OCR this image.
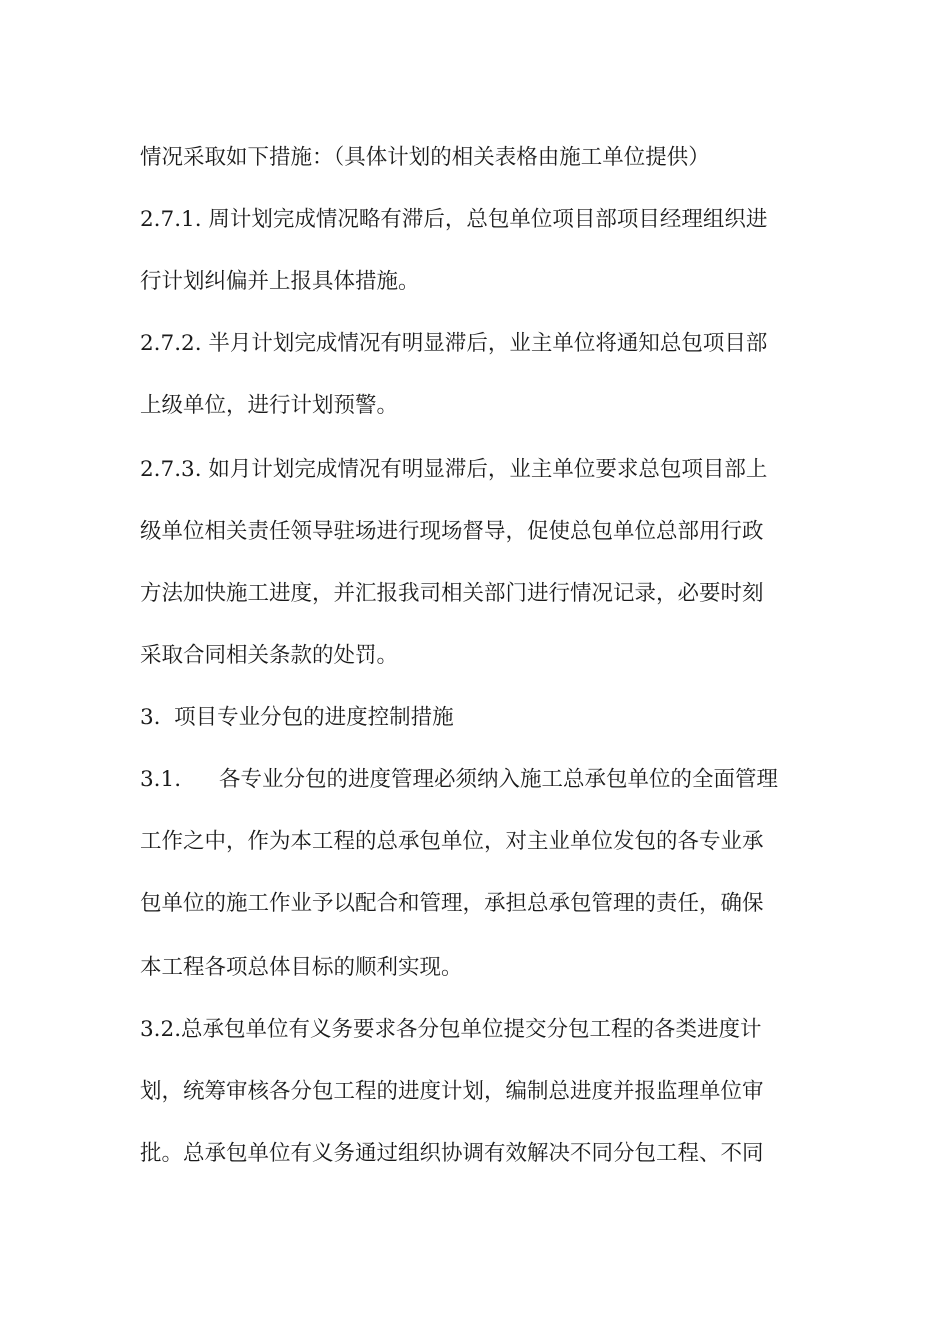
情况采取如下措施：（具体计划的相关表格由施工单位提供）
2.7.1. 周计划完成情况略有滞后，总包单位项目部项目经理组织进
行计划纠偏并上报具体措施。
2.7.2. 半月计划完成情况有明显滞后，业主单位将通知总包项目部
上级单位，进行计划预警。
2.7.3. 如月计划完成情况有明显滞后，业主单位要求总包项目部上
级单位相关责任领导驻场进行现场督导，促使总包单位总部用行政
方法加快施工进度，并汇报我司相关部门进行情况记录，必要时刻
采取合同相关条款的处罚。
3.  项目专业分包的进度控制措施
3.1. 各专业分包的进度管理必须纳入施工总承包单位的全面管理
工作之中，作为本工程的总承包单位，对主业单位发包的各专业承
包单位的施工作业予以配合和管理，承担总承包管理的责任，确保
本工程各项总体目标的顺利实现。
3.2.总承包单位有义务要求各分包单位提交分包工程的各类进度计
划，统筹审核各分包工程的进度计划，编制总进度并报监理单位审
批。总承包单位有义务通过组织协调有效解决不同分包工程、不同
